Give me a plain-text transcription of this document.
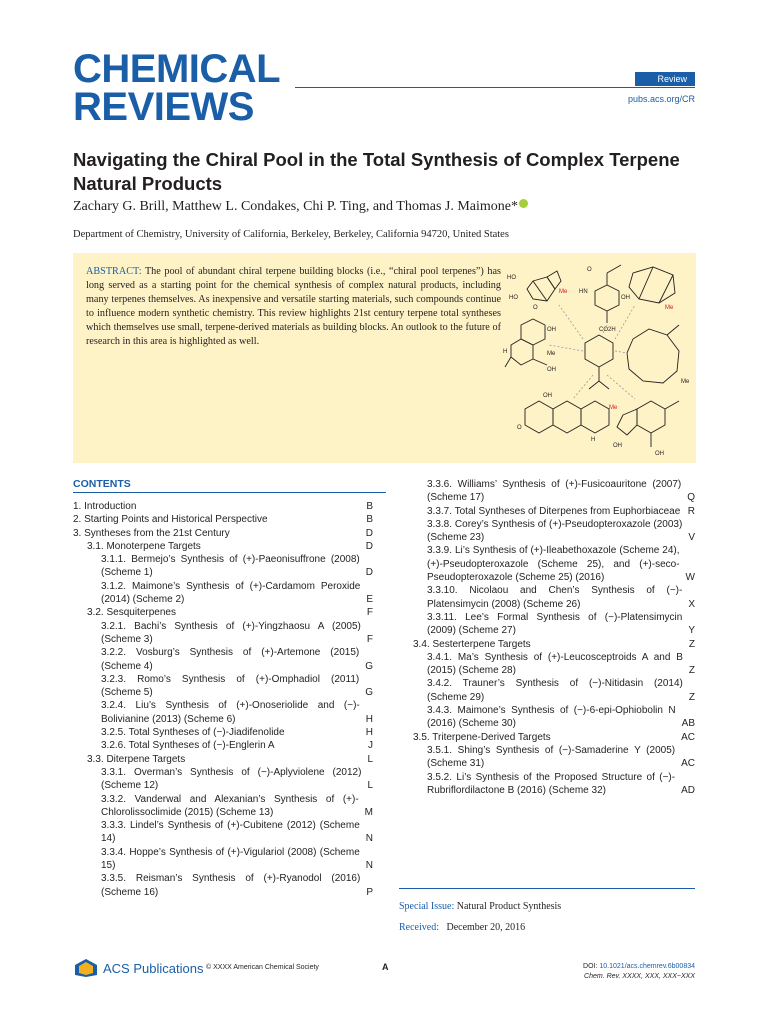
CHEMICAL
REVIEWS
Review
pubs.acs.org/CR
Navigating the Chiral Pool in the Total Synthesis of Complex Terpene Natural Products
Zachary G. Brill, Matthew L. Condakes, Chi P. Ting, and Thomas J. Maimone*
Department of Chemistry, University of California, Berkeley, Berkeley, California 94720, United States

ABSTRACT: The pool of abundant chiral terpene building blocks (i.e., “chiral pool terpenes”) has long served as a starting point for the chemical synthesis of complex natural products, including many terpenes themselves. As inexpensive and versatile starting materials, such compounds continue to influence modern synthetic chemistry. This review highlights 21st century terpene total syntheses which themselves use small, terpene-derived materials as building blocks. An outlook to the future of research in this area is highlighted as well.

HO
HO
Me
O
O
HN
OH
CO2H
Me
OH
Me
H
OH
Me
O
OH
OH
Me
H
OH
CONTENTS
1. Introduction	B
2. Starting Points and Historical Perspective	B
3. Syntheses from the 21st Century	D
3.1. Monoterpene Targets	D
3.1.1. Bermejo’s Synthesis of (+)-Paeonisuffrone (2008) (Scheme 1)	D
3.1.2. Maimone’s Synthesis of (+)-Cardamom Peroxide (2014) (Scheme 2)	E
3.2. Sesquiterpenes	F
3.2.1. Bachi’s Synthesis of (+)-Yingzhaosu A (2005) (Scheme 3)	F
3.2.2. Vosburg’s Synthesis of (+)-Artemone (2015) (Scheme 4)	G
3.2.3. Romo’s Synthesis of (+)-Omphadiol (2011) (Scheme 5)	G
3.2.4. Liu’s Synthesis of (+)-Onoseriolide and (−)-Bolivianine (2013) (Scheme 6)	H
3.2.5. Total Syntheses of (−)-Jiadifenolide	H
3.2.6. Total Syntheses of (−)-Englerin A	J
3.3. Diterpene Targets	L
3.3.1. Overman’s Synthesis of (−)-Aplyviolene (2012) (Scheme 12)	L
3.3.2. Vanderwal and Alexanian’s Synthesis of (+)-Chlorolissoclimide (2015) (Scheme 13)	M
3.3.3. Lindel’s Synthesis of (+)-Cubitene (2012) (Scheme 14)	N
3.3.4. Hoppe’s Synthesis of (+)-Vigulariol (2008) (Scheme 15)	N
3.3.5. Reisman’s Synthesis of (+)-Ryanodol (2016) (Scheme 16)	P
3.3.6. Williams’ Synthesis of (+)-Fusicoauritone (2007) (Scheme 17)	Q
3.3.7. Total Syntheses of Diterpenes from Euphorbiaceae R
3.3.8. Corey’s Synthesis of (+)-Pseudopteroxazole (2003) (Scheme 23)	V
3.3.9. Li’s Synthesis of (+)-Ileabethoxazole (Scheme 24), (+)-Pseudopteroxazole (Scheme 25), and (+)-seco-Pseudopteroxazole (Scheme 25) (2016)	W
3.3.10. Nicolaou and Chen’s Synthesis of (−)-Platensimycin (2008) (Scheme 26)	X
3.3.11. Lee’s Formal Synthesis of (−)-Platensimycin (2009) (Scheme 27)	Y
3.4. Sesterterpene Targets	Z
3.4.1. Ma’s Synthesis of (+)-Leucosceptroids A and B (2015) (Scheme 28)	Z
3.4.2. Trauner’s Synthesis of (−)-Nitidasin (2014) (Scheme 29)	Z
3.4.3. Maimone’s Synthesis of (−)-6-epi-Ophiobolin N (2016) (Scheme 30)	AB
3.5. Triterpene-Derived Targets	AC
3.5.1. Shing’s Synthesis of (−)-Samaderine Y (2005) (Scheme 31)	AC
3.5.2. Li’s Synthesis of the Proposed Structure of (−)-Rubriflordilactone B (2016) (Scheme 32)	AD
Special Issue: Natural Product Synthesis
Received: December 20, 2016
ACS Publications © XXXX American Chemical Society	A	DOI: 10.1021/acs.chemrev.6b00834
Chem. Rev. XXXX, XXX, XXX−XXX
